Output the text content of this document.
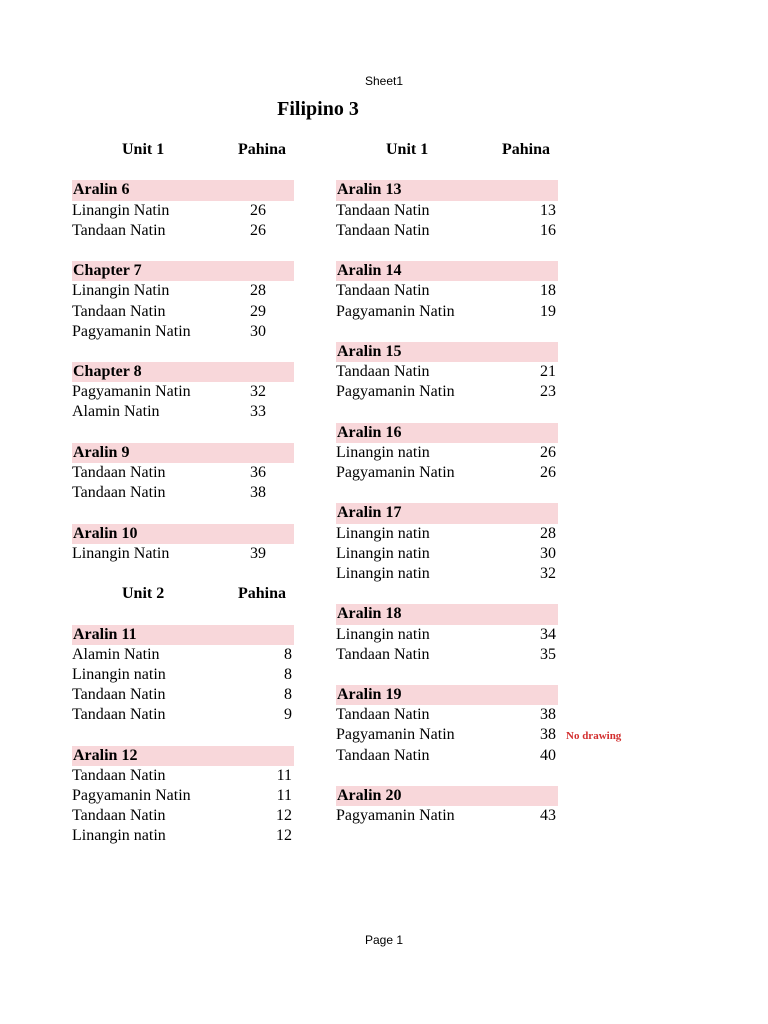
Sheet1
Filipino 3
Unit 1	Pahina
Aralin 6
Linangin Natin	26
Tandaan Natin	26
Chapter 7
Linangin Natin	28
Tandaan Natin	29
Pagyamanin Natin	30
Chapter 8
Pagyamanin Natin	32
Alamin Natin	33
Aralin 9
Tandaan Natin	36
Tandaan Natin	38
Aralin 10
Linangin Natin	39
Unit 2	Pahina
Aralin 11
Alamin Natin	8
Linangin natin	8
Tandaan Natin	8
Tandaan Natin	9
Aralin 12
Tandaan Natin	11
Pagyamanin Natin	11
Tandaan Natin	12
Linangin natin	12
Unit 1	Pahina
Aralin 13
Tandaan Natin	13
Tandaan Natin	16
Aralin 14
Tandaan Natin	18
Pagyamanin Natin	19
Aralin 15
Tandaan Natin	21
Pagyamanin Natin	23
Aralin 16
Linangin natin	26
Pagyamanin Natin	26
Aralin 17
Linangin natin	28
Linangin natin	30
Linangin natin	32
Aralin 18
Linangin natin	34
Tandaan Natin	35
Aralin 19
Tandaan Natin	38
Pagyamanin Natin	38 No drawing
Tandaan Natin	40
Aralin 20
Pagyamanin Natin	43
Page 1
